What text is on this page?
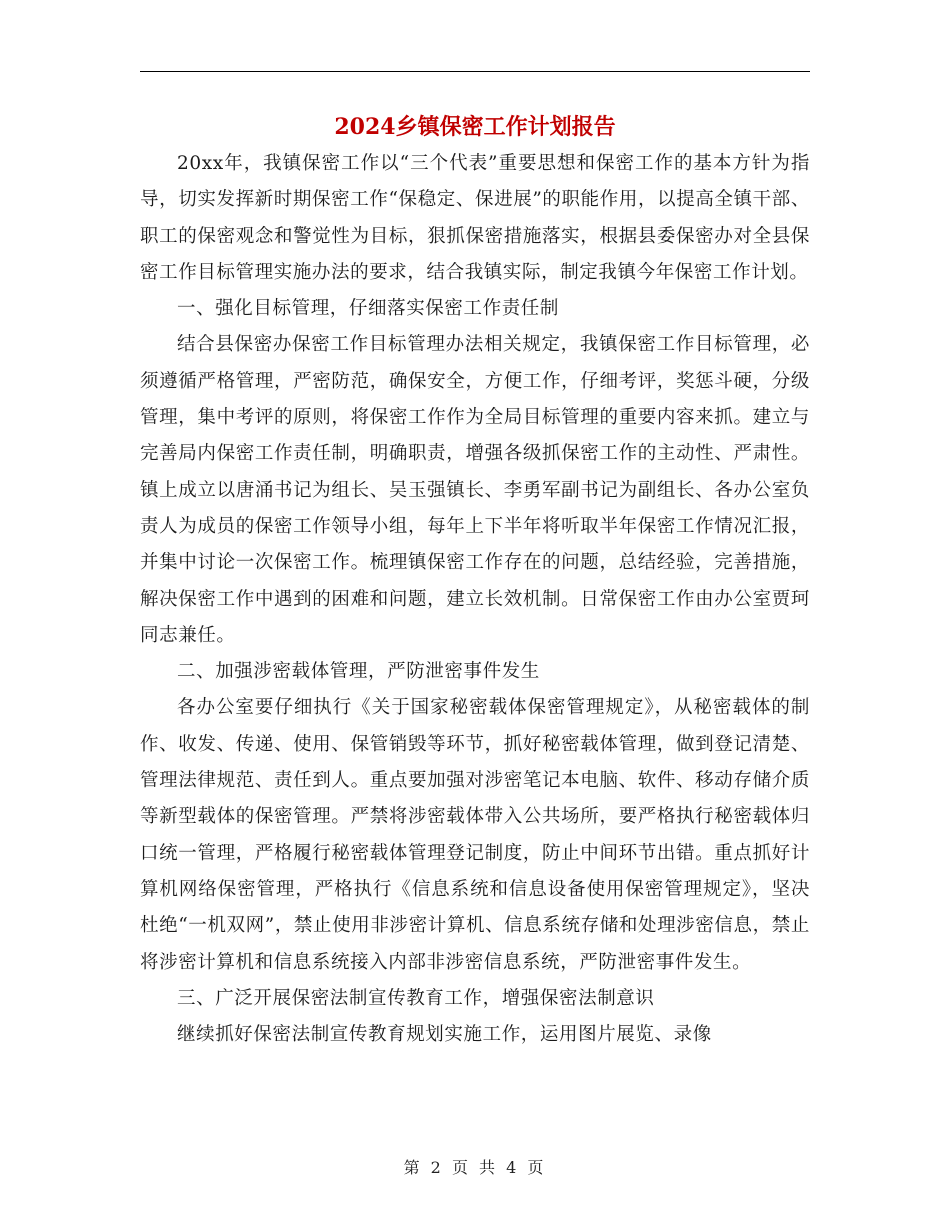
2024乡镇保密工作计划报告

20xx年，我镇保密工作以“三个代表”重要思想和保密工作的基本方针为指导，切实发挥新时期保密工作“保稳定、保进展”的职能作用，以提高全镇干部、职工的保密观念和警觉性为目标，狠抓保密措施落实，根据县委保密办对全县保密工作目标管理实施办法的要求，结合我镇实际，制定我镇今年保密工作计划。

一、强化目标管理，仔细落实保密工作责任制

结合县保密办保密工作目标管理办法相关规定，我镇保密工作目标管理，必须遵循严格管理，严密防范，确保安全，方便工作，仔细考评，奖惩斗硬，分级管理，集中考评的原则，将保密工作作为全局目标管理的重要内容来抓。建立与完善局内保密工作责任制，明确职责，增强各级抓保密工作的主动性、严肃性。镇上成立以唐涌书记为组长、吴玉强镇长、李勇军副书记为副组长、各办公室负责人为成员的保密工作领导小组，每年上下半年将听取半年保密工作情况汇报，并集中讨论一次保密工作。梳理镇保密工作存在的问题，总结经验，完善措施，解决保密工作中遇到的困难和问题，建立长效机制。日常保密工作由办公室贾珂同志兼任。

二、加强涉密载体管理，严防泄密事件发生

各办公室要仔细执行《关于国家秘密载体保密管理规定》，从秘密载体的制作、收发、传递、使用、保管销毁等环节，抓好秘密载体管理，做到登记清楚、管理法律规范、责任到人。重点要加强对涉密笔记本电脑、软件、移动存储介质等新型载体的保密管理。严禁将涉密载体带入公共场所，要严格执行秘密载体归口统一管理，严格履行秘密载体管理登记制度，防止中间环节出错。重点抓好计算机网络保密管理，严格执行《信息系统和信息设备使用保密管理规定》，坚决杜绝“一机双网”，禁止使用非涉密计算机、信息系统存储和处理涉密信息，禁止将涉密计算机和信息系统接入内部非涉密信息系统，严防泄密事件发生。

三、广泛开展保密法制宣传教育工作，增强保密法制意识

继续抓好保密法制宣传教育规划实施工作，运用图片展览、录像

第 2 页 共 4 页
